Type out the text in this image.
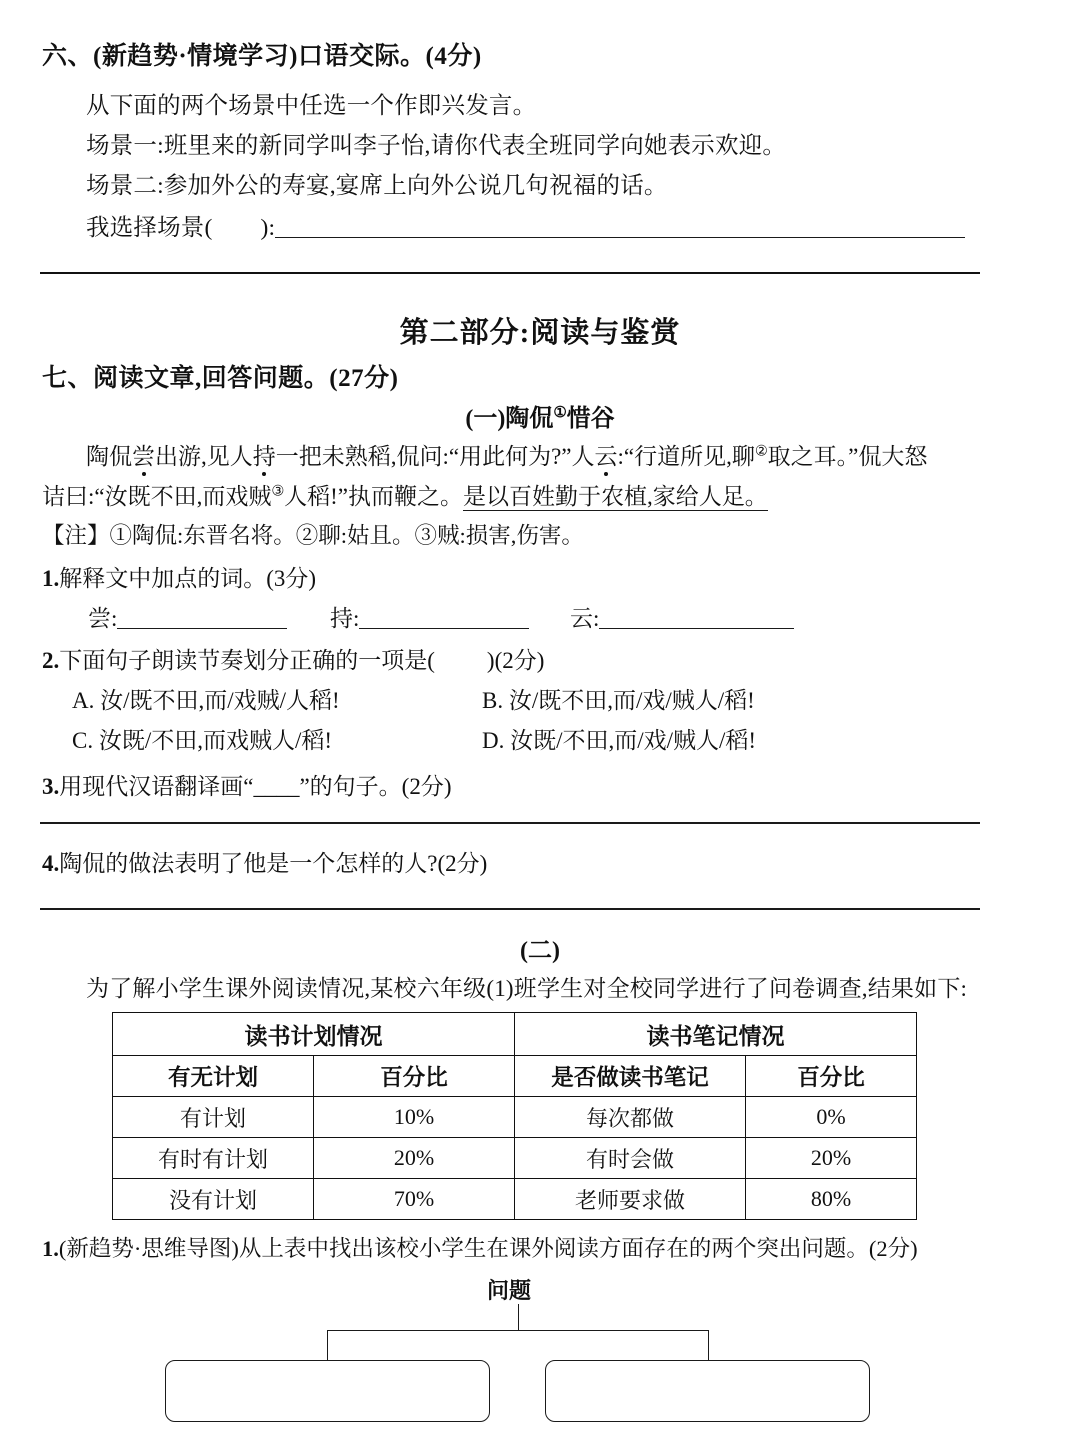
六、(新趋势·情境学习)口语交际。(4分)
从下面的两个场景中任选一个作即兴发言。
场景一:班里来的新同学叫李子怡,请你代表全班同学向她表示欢迎。
场景二:参加外公的寿宴,宴席上向外公说几句祝福的话。
我选择场景( ):
第二部分:阅读与鉴赏
七、阅读文章,回答问题。(27分)
(一)陶侃①惜谷
陶侃尝出游,见人持一把未熟稻,侃问:“用此何为?”人云:“行道所见,聊②取之耳。”侃大怒
诘曰:“汝既不田,而戏贼③人稻!”执而鞭之。是以百姓勤于农植,家给人足。
【注】①陶侃:东晋名将。②聊:姑且。③贼:损害,伤害。
1.解释文中加点的词。(3分)
尝:	持:	云:
2.下面句子朗读节奏划分正确的一项是( )(2分)
A. 汝/既不田,而/戏贼/人稻!	B. 汝/既不田,而/戏/贼人/稻!
C. 汝既/不田,而戏贼人/稻!	D. 汝既/不田,而/戏/贼人/稻!
3.用现代汉语翻译画“____”的句子。(2分)
4.陶侃的做法表明了他是一个怎样的人?(2分)
(二)
为了解小学生课外阅读情况,某校六年级(1)班学生对全校同学进行了问卷调查,结果如下:
读书计划情况		读书笔记情况	
有无计划	百分比	是否做读书笔记	百分比
有计划	10%	每次都做	0%
有时有计划	20%	有时会做	20%
没有计划	70%	老师要求做	80%
1.(新趋势·思维导图)从上表中找出该校小学生在课外阅读方面存在的两个突出问题。(2分)
问题
